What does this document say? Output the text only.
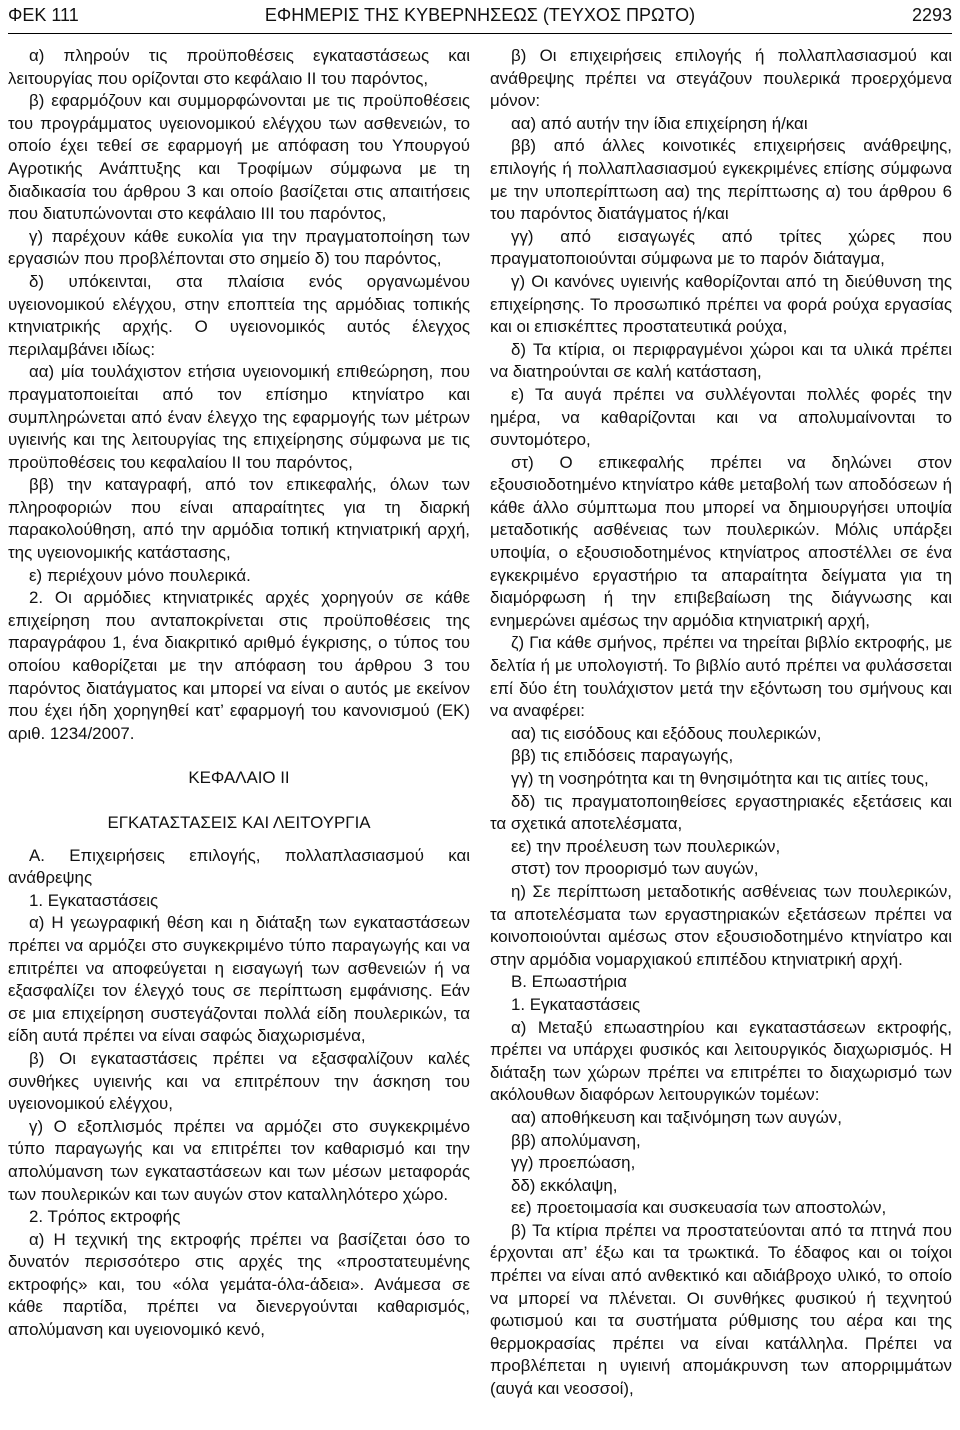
ΦΕΚ 111	ΕΦΗΜΕΡΙΣ ΤΗΣ ΚΥΒΕΡΝΗΣΕΩΣ (ΤΕΥΧΟΣ ΠΡΩΤΟ)	2293

α) πληρούν τις προϋποθέσεις εγκαταστάσεως και λειτουργίας που ορίζονται στο κεφάλαιο ΙΙ του παρόντος,

β) εφαρμόζουν και συμμορφώνονται με τις προϋποθέσεις του προγράμματος υγειονομικού ελέγχου των ασθενειών, το οποίο έχει τεθεί σε εφαρμογή με απόφαση του Υπουργού Αγροτικής Ανάπτυξης και Τροφίμων σύμφωνα με τη διαδικασία του άρθρου 3 και οποίο βασίζεται στις απαιτήσεις που διατυπώνονται στο κεφάλαιο ΙΙΙ του παρόντος,

γ) παρέχουν κάθε ευκολία για την πραγματοποίηση των εργασιών που προβλέπονται στο σημείο δ) του παρόντος,

δ) υπόκεινται, στα πλαίσια ενός οργανωμένου υγειονομικού ελέγχου, στην εποπτεία της αρμόδιας τοπικής κτηνιατρικής αρχής. Ο υγειονομικός αυτός έλεγχος περιλαμβάνει ιδίως:

αα) μία τουλάχιστον ετήσια υγειονομική επιθεώρηση, που πραγματοποιείται από τον επίσημο κτηνίατρο και συμπληρώνεται από έναν έλεγχο της εφαρμογής των μέτρων υγιεινής και της λειτουργίας της επιχείρησης σύμφωνα με τις προϋποθέσεις του κεφαλαίου ΙΙ του παρόντος,

ββ) την καταγραφή, από τον επικεφαλής, όλων των πληροφοριών που είναι απαραίτητες για τη διαρκή παρακολούθηση, από την αρμόδια τοπική κτηνιατρική αρχή, της υγειονομικής κατάστασης,

ε) περιέχουν μόνο πουλερικά.

2. Οι αρμόδιες κτηνιατρικές αρχές χορηγούν σε κάθε επιχείρηση που ανταποκρίνεται στις προϋποθέσεις της παραγράφου 1, ένα διακριτικό αριθμό έγκρισης, ο τύπος του οποίου καθορίζεται με την απόφαση του άρθρου 3 του παρόντος διατάγματος και μπορεί να είναι ο αυτός με εκείνον που έχει ήδη χορηγηθεί κατ’ εφαρμογή του κανονισμού (ΕΚ) αριθ. 1234/2007.

ΚΕΦΑΛΑΙΟ ΙΙ

ΕΓΚΑΤΑΣΤΑΣΕΙΣ ΚΑΙ ΛΕΙΤΟΥΡΓΙΑ

Α. Επιχειρήσεις επιλογής, πολλαπλασιασμού και ανάθρεψης

1. Εγκαταστάσεις

α) Η γεωγραφική θέση και η διάταξη των εγκαταστάσεων πρέπει να αρμόζει στο συγκεκριμένο τύπο παραγωγής και να επιτρέπει να αποφεύγεται η εισαγωγή των ασθενειών ή να εξασφαλίζει τον έλεγχό τους σε περίπτωση εμφάνισης. Εάν σε μια επιχείρηση συστεγάζονται πολλά είδη πουλερικών, τα είδη αυτά πρέπει να είναι σαφώς διαχωρισμένα,

β) Οι εγκαταστάσεις πρέπει να εξασφαλίζουν καλές συνθήκες υγιεινής και να επιτρέπουν την άσκηση του υγειονομικού ελέγχου,

γ) Ο εξοπλισμός πρέπει να αρμόζει στο συγκεκριμένο τύπο παραγωγής και να επιτρέπει τον καθαρισμό και την απολύμανση των εγκαταστάσεων και των μέσων μεταφοράς των πουλερικών και των αυγών στον καταλληλότερο χώρο.

2. Τρόπος εκτροφής

α) Η τεχνική της εκτροφής πρέπει να βασίζεται όσο το δυνατόν περισσότερο στις αρχές της «προστατευμένης εκτροφής» και, του «όλα γεμάτα-όλα-άδεια». Ανάμεσα σε κάθε παρτίδα, πρέπει να διενεργούνται καθαρισμός, απολύμανση και υγειονομικό κενό,

β) Οι επιχειρήσεις επιλογής ή πολλαπλασιασμού και ανάθρεψης πρέπει να στεγάζουν πουλερικά προερχόμενα μόνον:

αα) από αυτήν την ίδια επιχείρηση ή/και

ββ) από άλλες κοινοτικές επιχειρήσεις ανάθρεψης, επιλογής ή πολλαπλασιασμού εγκεκριμένες επίσης σύμφωνα με την υποπερίπτωση αα) της περίπτωσης α) του άρθρου 6 του παρόντος διατάγματος ή/και

γγ) από εισαγωγές από τρίτες χώρες που πραγματοποιούνται σύμφωνα με το παρόν διάταγμα,

γ) Οι κανόνες υγιεινής καθορίζονται από τη διεύθυνση της επιχείρησης. Το προσωπικό πρέπει να φορά ρούχα εργασίας και οι επισκέπτες προστατευτικά ρούχα,

δ) Τα κτίρια, οι περιφραγμένοι χώροι και τα υλικά πρέπει να διατηρούνται σε καλή κατάσταση,

ε) Τα αυγά πρέπει να συλλέγονται πολλές φορές την ημέρα, να καθαρίζονται και να απολυμαίνονται το συντομότερο,

στ) Ο επικεφαλής πρέπει να δηλώνει στον εξουσιοδοτημένο κτηνίατρο κάθε μεταβολή των αποδόσεων ή κάθε άλλο σύμπτωμα που μπορεί να δημιουργήσει υποψία μεταδοτικής ασθένειας των πουλερικών. Μόλις υπάρξει υποψία, ο εξουσιοδοτημένος κτηνίατρος αποστέλλει σε ένα εγκεκριμένο εργαστήριο τα απαραίτητα δείγματα για τη διαμόρφωση ή την επιβεβαίωση της διάγνωσης και ενημερώνει αμέσως την αρμόδια κτηνιατρική αρχή,

ζ) Για κάθε σμήνος, πρέπει να τηρείται βιβλίο εκτροφής, με δελτία ή με υπολογιστή. Το βιβλίο αυτό πρέπει να φυλάσσεται επί δύο έτη τουλάχιστον μετά την εξόντωση του σμήνους και να αναφέρει:

αα) τις εισόδους και εξόδους πουλερικών,

ββ) τις επιδόσεις παραγωγής,

γγ) τη νοσηρότητα και τη θνησιμότητα και τις αιτίες τους,

δδ) τις πραγματοποιηθείσες εργαστηριακές εξετάσεις και τα σχετικά αποτελέσματα,

εε) την προέλευση των πουλερικών,

στστ) τον προορισμό των αυγών,

η) Σε περίπτωση μεταδοτικής ασθένειας των πουλερικών, τα αποτελέσματα των εργαστηριακών εξετάσεων πρέπει να κοινοποιούνται αμέσως στον εξουσιοδοτημένο κτηνίατρο και στην αρμόδια νομαρχιακού επιπέδου κτηνιατρική αρχή.

Β. Επωαστήρια

1. Εγκαταστάσεις

α) Μεταξύ επωαστηρίου και εγκαταστάσεων εκτροφής, πρέπει να υπάρχει φυσικός και λειτουργικός διαχωρισμός. Η διάταξη των χώρων πρέπει να επιτρέπει το διαχωρισμό των ακόλουθων διαφόρων λειτουργικών τομέων:

αα) αποθήκευση και ταξινόμηση των αυγών,

ββ) απολύμανση,

γγ) προεπώαση,

δδ) εκκόλαψη,

εε) προετοιμασία και συσκευασία των αποστολών,

β) Τα κτίρια πρέπει να προστατεύονται από τα πτηνά που έρχονται απ’ έξω και τα τρωκτικά. Το έδαφος και οι τοίχοι πρέπει να είναι από ανθεκτικό και αδιάβροχο υλικό, το οποίο να μπορεί να πλένεται. Οι συνθήκες φυσικού ή τεχνητού φωτισμού και τα συστήματα ρύθμισης του αέρα και της θερμοκρασίας πρέπει να είναι κατάλληλα. Πρέπει να προβλέπεται η υγιεινή απομάκρυνση των απορριμμάτων (αυγά και νεοσσοί),
